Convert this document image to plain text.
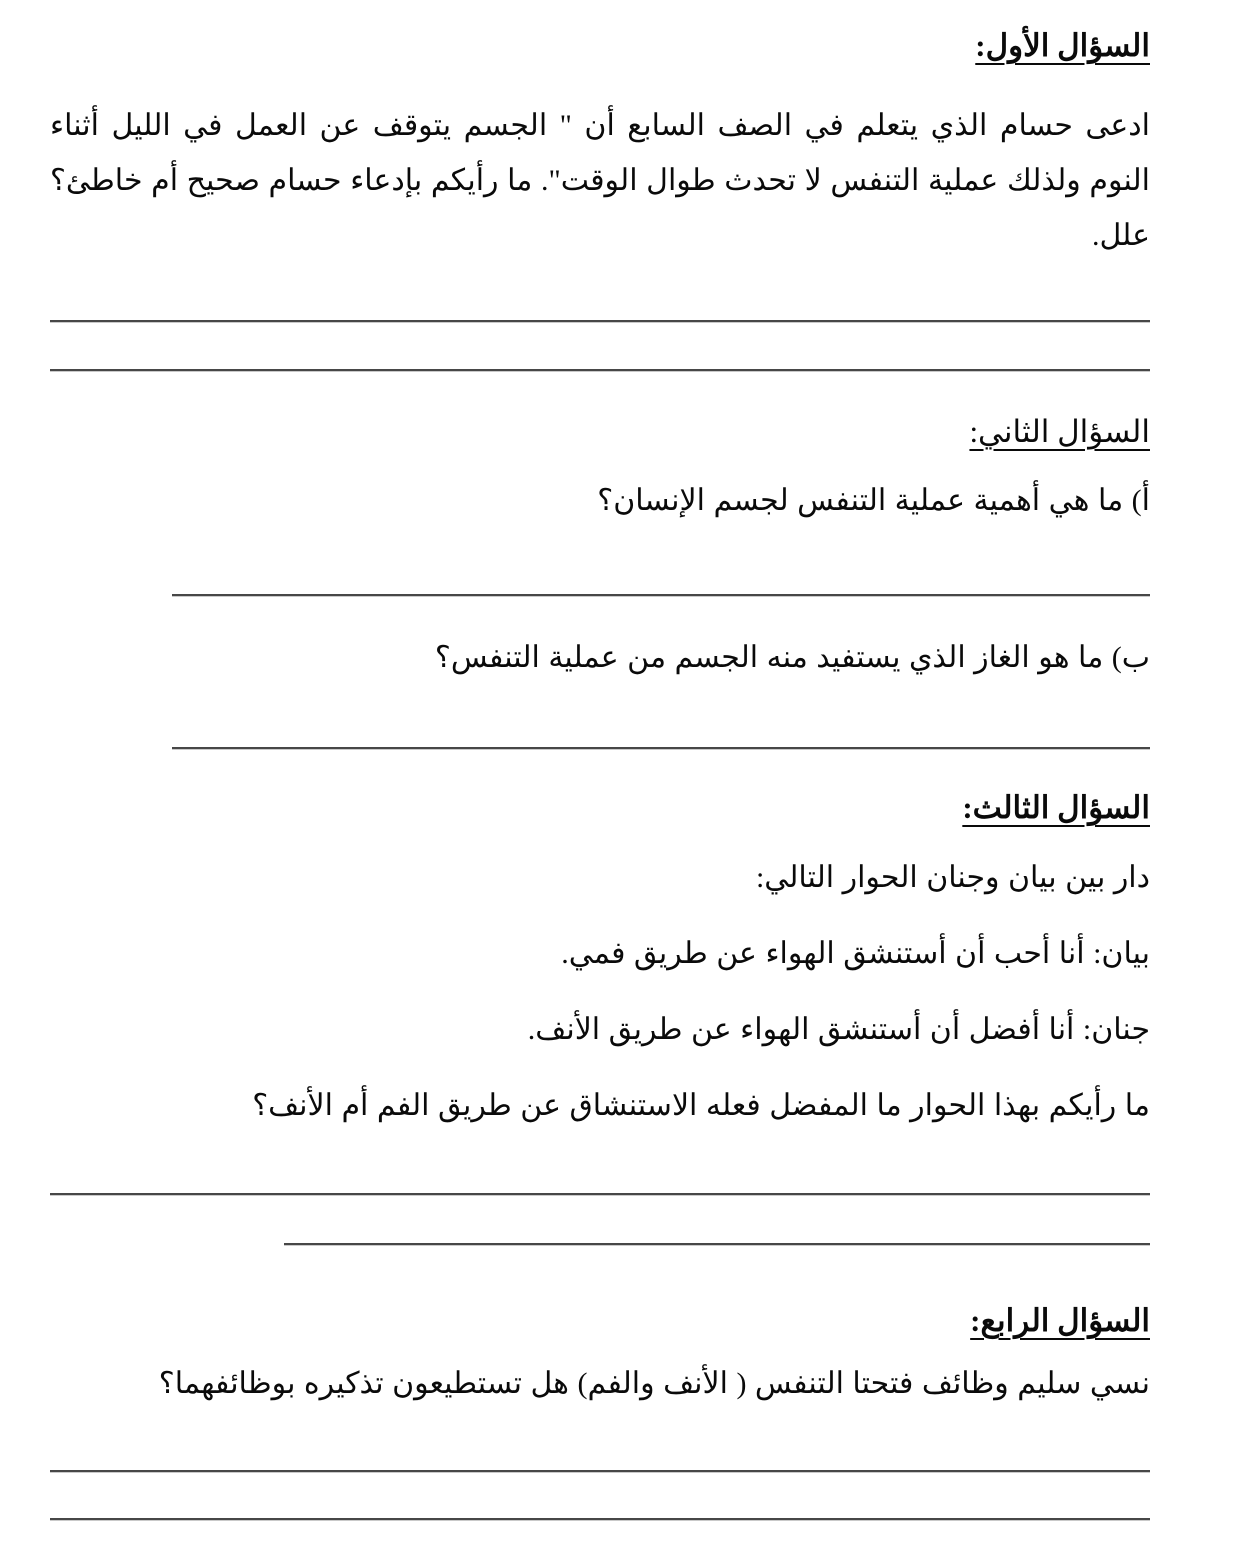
السؤال الأول:
ادعى حسام الذي يتعلم في الصف السابع أن " الجسم يتوقف عن العمل في الليل أثناء النوم ولذلك عملية التنفس لا تحدث طوال الوقت". ما رأيكم بإدعاء حسام صحيح أم خاطئ؟ علل.
السؤال الثاني:
أ) ما هي أهمية عملية التنفس لجسم الإنسان؟
ب) ما هو الغاز الذي يستفيد منه الجسم من عملية التنفس؟
السؤال الثالث:
دار بين بيان وجنان الحوار التالي:
بيان: أنا أحب أن أستنشق الهواء عن طريق فمي.
جنان: أنا أفضل أن أستنشق الهواء عن طريق الأنف.
ما رأيكم بهذا الحوار ما المفضل فعله الاستنشاق عن طريق الفم أم الأنف؟
السؤال الرابع:
نسي سليم وظائف فتحتا التنفس ( الأنف والفم) هل تستطيعون تذكيره بوظائفهما؟
